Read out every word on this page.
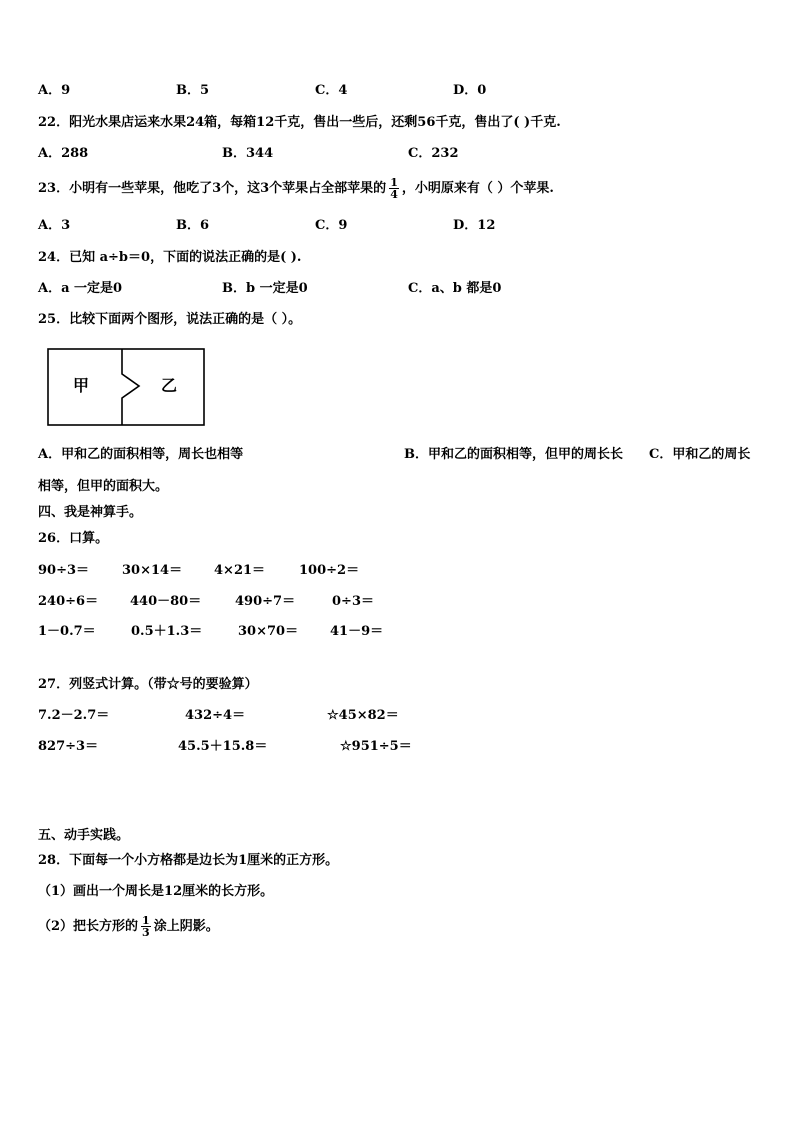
A．9	B．5	C．4	D．0
22．阳光水果店运来水果24箱，每箱12千克，售出一些后，还剩56千克，售出了( )千克.
A．288	B．344	C．232
23．小明有一些苹果，他吃了3个，这3个苹果占全部苹果的 $\frac{1}{4}$ ，小明原来有（ ）个苹果.
A．3	B．6	C．9	D．12
24．已知 a÷b＝0，下面的说法正确的是( ).
A．a 一定是0	B．b 一定是0	C．a、b 都是0
25．比较下面两个图形，说法正确的是（ ）。
甲	乙
A．甲和乙的面积相等，周长也相等	B．甲和乙的面积相等，但甲的周长长 C．甲和乙的周长
相等，但甲的面积大。
四、我是神算手。
26．口算。
90÷3＝	30×14＝ 4×21＝	100÷2＝
240÷6＝ 440－80＝	490÷7＝	0÷3＝
1－0.7＝	0.5＋1.3＝	30×70＝ 41－9＝
27．列竖式计算。（带☆号的要验算）
7.2－2.7＝	432÷4＝	☆45×82＝
827÷3＝	45.5＋15.8＝	☆951÷5＝
五、动手实践。
28．下面每一个小方格都是边长为1厘米的正方形。
（1）画出一个周长是12厘米的长方形。
（2）把长方形的 $\frac{1}{3}$ 涂上阴影。
